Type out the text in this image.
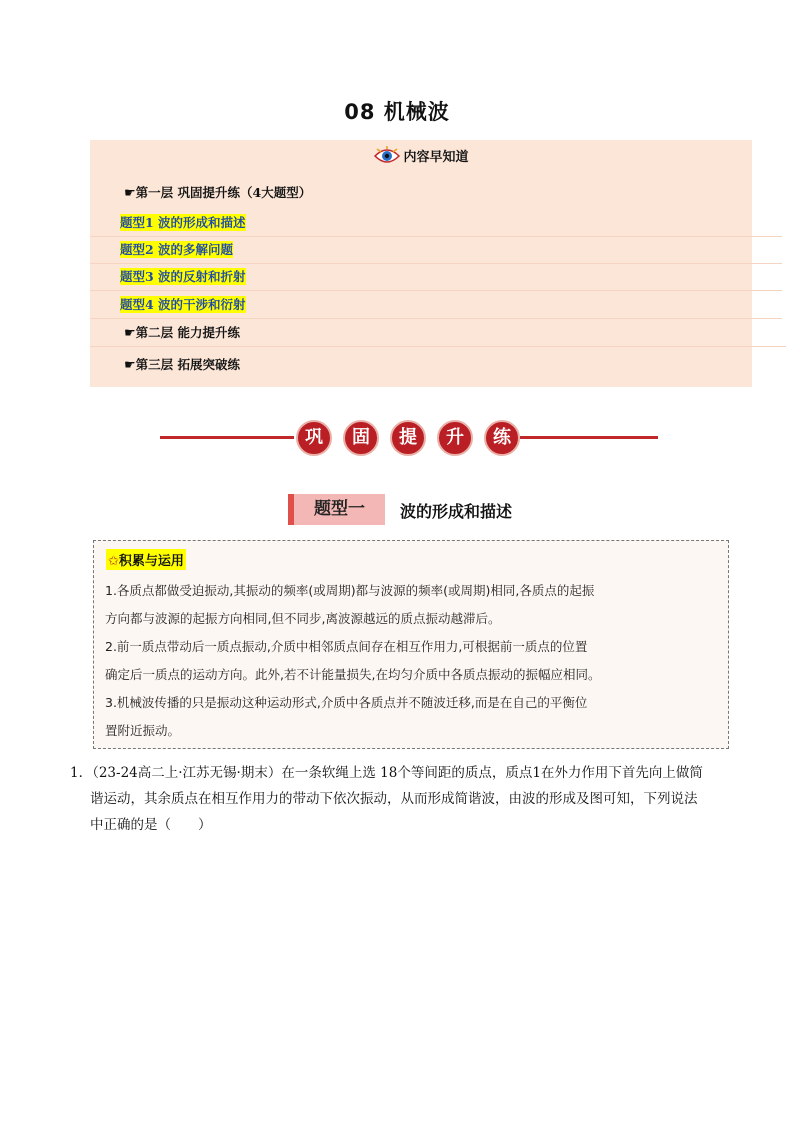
08 机械波
内容早知道
☛第一层 巩固提升练（4大题型）
题型1 波的形成和描述
题型2 波的多解问题
题型3 波的反射和折射
题型4 波的干涉和衍射
☛第二层 能力提升练
☛第三层 拓展突破练
巩	固	提	升	练
题型一	波的形成和描述
✩积累与运用
1.各质点都做受迫振动,其振动的频率(或周期)都与波源的频率(或周期)相同,各质点的起振
方向都与波源的起振方向相同,但不同步,离波源越远的质点振动越滞后。
2.前一质点带动后一质点振动,介质中相邻质点间存在相互作用力,可根据前一质点的位置
确定后一质点的运动方向。此外,若不计能量损失,在均匀介质中各质点振动的振幅应相同。
3.机械波传播的只是振动这种运动形式,介质中各质点并不随波迁移,而是在自己的平衡位
置附近振动。
1．（23-24高二上·江苏无锡·期末）在一条软绳上选 18个等间距的质点，质点1在外力作用下首先向上做简
谐运动，其余质点在相互作用力的带动下依次振动，从而形成简谐波，由波的形成及图可知，下列说法
中正确的是（　　）
